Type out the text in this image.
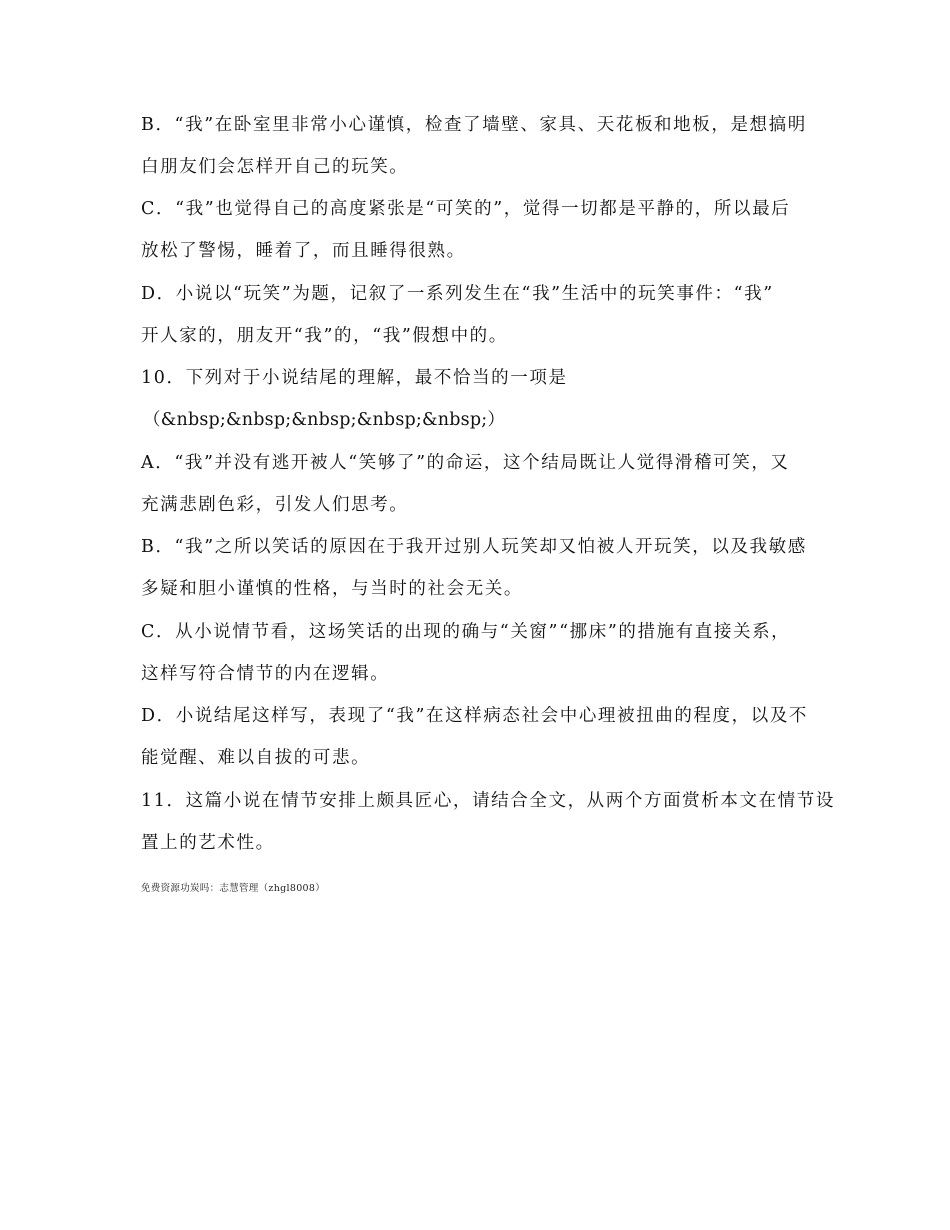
B．“我”在卧室里非常小心谨慎，检查了墙壁、家具、天花板和地板，是想搞明
白朋友们会怎样开自己的玩笑。
C．“我”也觉得自己的高度紧张是“可笑的”，觉得一切都是平静的，所以最后
放松了警惕，睡着了，而且睡得很熟。
D．小说以“玩笑”为题，记叙了一系列发生在“我”生活中的玩笑事件：“我”
开人家的，朋友开“我”的，“我”假想中的。
10．下列对于小说结尾的理解，最不恰当的一项是
（&nbsp;&nbsp;&nbsp;&nbsp;&nbsp;）
A．“我”并没有逃开被人“笑够了”的命运，这个结局既让人觉得滑稽可笑，又
充满悲剧色彩，引发人们思考。
B．“我”之所以笑话的原因在于我开过别人玩笑却又怕被人开玩笑，以及我敏感
多疑和胆小谨慎的性格，与当时的社会无关。
C．从小说情节看，这场笑话的出现的确与“关窗”“挪床”的措施有直接关系，
这样写符合情节的内在逻辑。
D．小说结尾这样写，表现了“我”在这样病态社会中心理被扭曲的程度，以及不
能觉醒、难以自拔的可悲。
11．这篇小说在情节安排上颇具匠心，请结合全文，从两个方面赏析本文在情节设
置上的艺术性。
免费资源功炭吗：志慧管理（zhgl8008）
